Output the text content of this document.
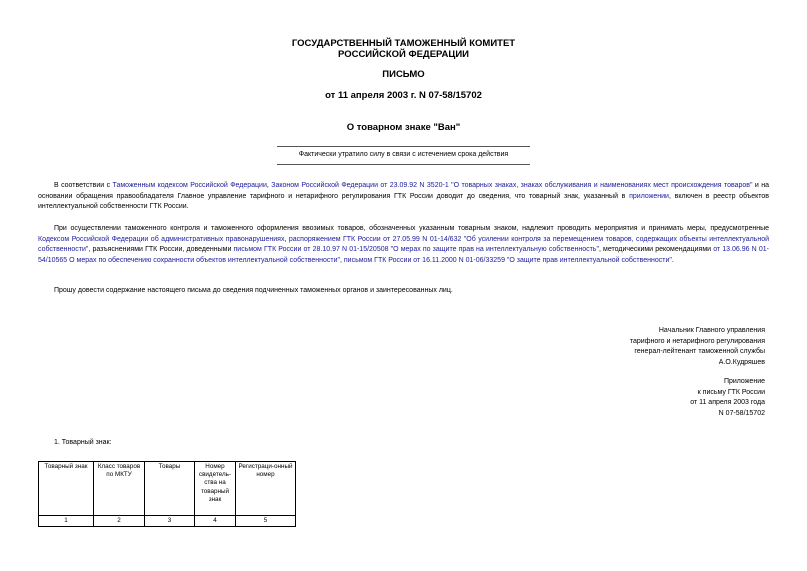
ГОСУДАРСТВЕННЫЙ ТАМОЖЕННЫЙ КОМИТЕТ
РОССИЙСКОЙ ФЕДЕРАЦИИ
ПИСЬМО
от 11 апреля 2003 г. N 07-58/15702
О товарном знаке "Ван"
Фактически утратило силу в связи с истечением срока действия
В соответствии с Таможенным кодексом Российской Федерации, Законом Российской Федерации от 23.09.92 N 3520-1 "О товарных знаках, знаках обслуживания и наименованиях мест происхождения товаров" и на основании обращения правообладателя Главное управление тарифного и нетарифного регулирования ГТК России доводит до сведения, что товарный знак, указанный в приложении, включен в реестр объектов интеллектуальной собственности ГТК России.
При осуществлении таможенного контроля и таможенного оформления ввозимых товаров, обозначенных указанным товарным знаком, надлежит проводить мероприятия и принимать меры, предусмотренные Кодексом Российской Федерации об административных правонарушениях, распоряжением ГТК России от 27.05.99 N 01-14/632 "Об усилении контроля за перемещением товаров, содержащих объекты интеллектуальной собственности", разъяснениями ГТК России, доведенными письмом ГТК России от 28.10.97 N 01-15/20508 "О мерах по защите прав на интеллектуальную собственность", методическими рекомендациями от 13.06.96 N 01-54/10565 О мерах по обеспечению сохранности объектов интеллектуальной собственности", письмом ГТК России от 16.11.2000 N 01-06/33259 "О защите прав интеллектуальной собственности".
Прошу довести содержание настоящего письма до сведения подчиненных таможенных органов и заинтересованных лиц.
Начальник Главного управления
тарифного и нетарифного регулирования
генерал-лейтенант таможенной службы
А.О.Кудряшев
Приложение
к письму ГТК России
от 11 апреля 2003 года
N 07-58/15702
1. Товарный знак:
Товарный знак	Класс товаров по МКТУ	Товары	Номер свидетель-ства на товарный знак	Регистраци-онный номер
1	2	3	4	5
